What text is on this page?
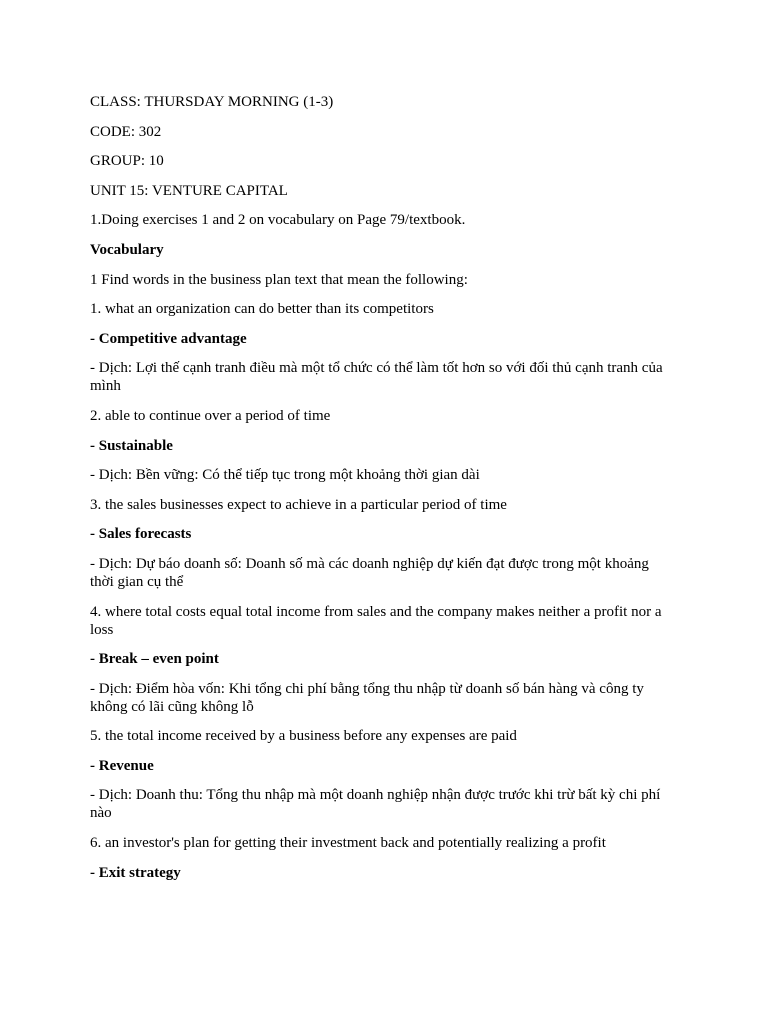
CLASS: THURSDAY MORNING (1-3)

CODE: 302

GROUP: 10

UNIT 15: VENTURE CAPITAL

1.Doing exercises 1 and 2 on vocabulary on Page 79/textbook.

Vocabulary

1 Find words in the business plan text that mean the following:

1. what an organization can do better than its competitors

- Competitive advantage

- Dịch: Lợi thế cạnh tranh điều mà một tổ chức có thể làm tốt hơn so với đối thủ cạnh tranh của mình

2. able to continue over a period of time

- Sustainable

- Dịch: Bền vững: Có thể tiếp tục trong một khoảng thời gian dài

3. the sales businesses expect to achieve in a particular period of time

- Sales forecasts

- Dịch: Dự báo doanh số: Doanh số mà các doanh nghiệp dự kiến đạt được trong một khoảng thời gian cụ thể

4. where total costs equal total income from sales and the company makes neither a profit nor a loss

- Break – even point

- Dịch: Điểm hòa vốn: Khi tổng chi phí bằng tổng thu nhập từ doanh số bán hàng và công ty không có lãi cũng không lỗ

5. the total income received by a business before any expenses are paid

- Revenue

- Dịch: Doanh thu: Tổng thu nhập mà một doanh nghiệp nhận được trước khi trừ bất kỳ chi phí nào

6. an investor's plan for getting their investment back and potentially realizing a profit

- Exit strategy
